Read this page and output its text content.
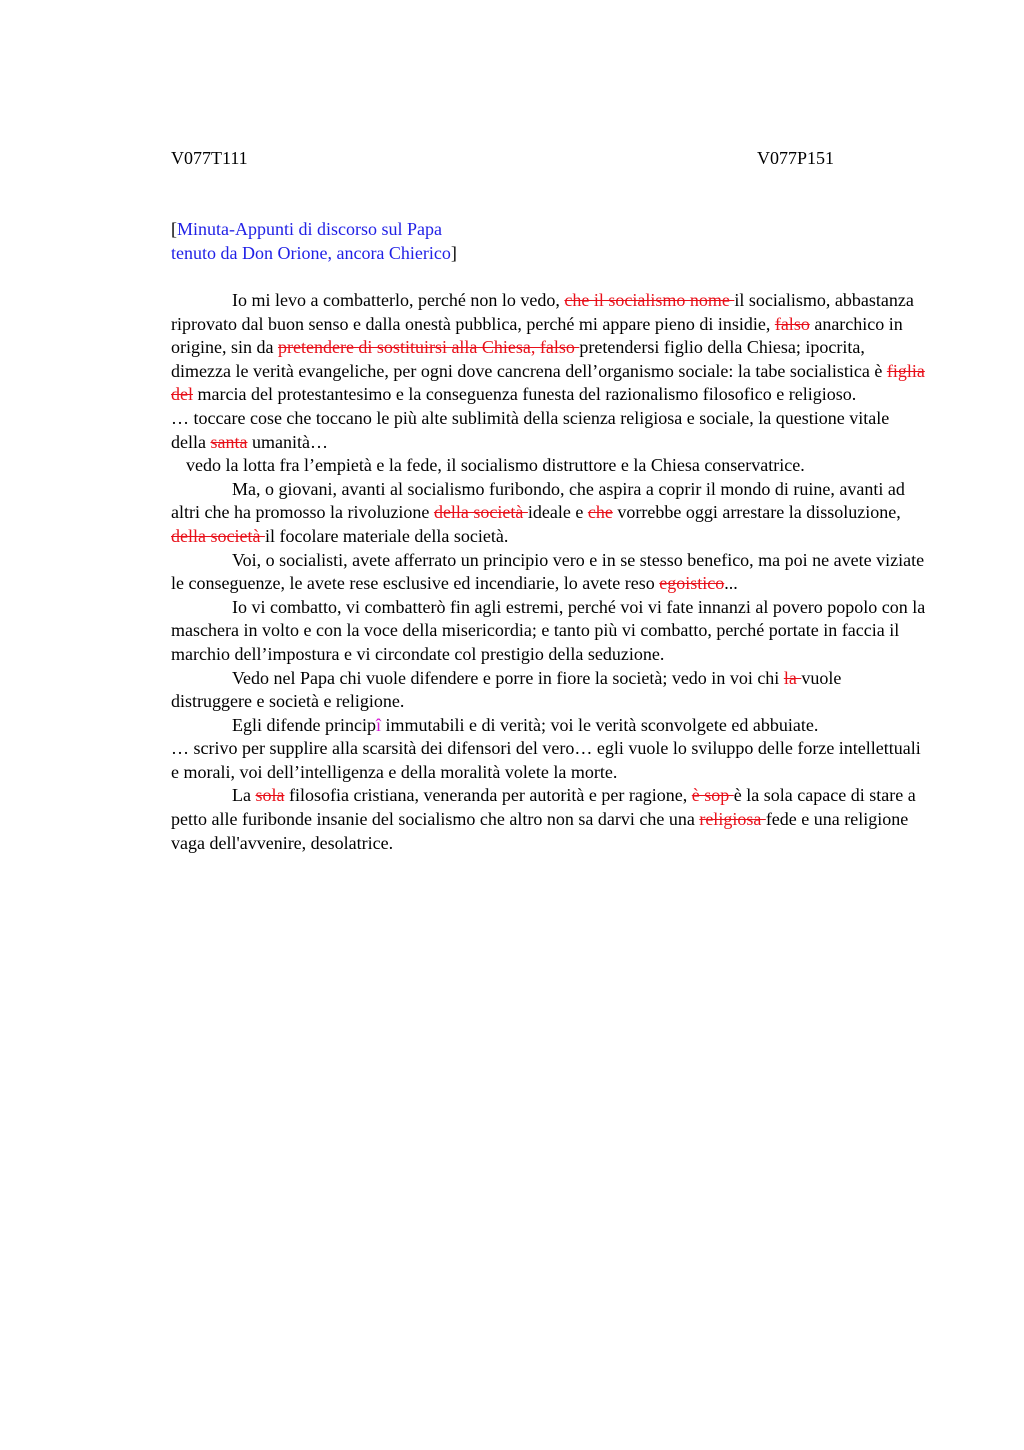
V077T111	V077P151
[Minuta-Appunti di discorso sul Papa
tenuto da Don Orione, ancora Chierico]

Io mi levo a combatterlo, perché non lo vedo, che il socialismo nome il socialismo, abbastanza riprovato dal buon senso e dalla onestà pubblica, perché mi appare pieno di insidie, falso anarchico in origine, sin da pretendere di sostituirsi alla Chiesa, falso pretendersi figlio della Chiesa; ipocrita, dimezza le verità evangeliche, per ogni dove cancrena dell’organismo sociale: la tabe socialistica è figlia del marcia del protestantesimo e la conseguenza funesta del razionalismo filosofico e religioso.

… toccare cose che toccano le più alte sublimità della scienza religiosa e sociale, la questione vitale della santa umanità…

vedo la lotta fra l’empietà e la fede, il socialismo distruttore e la Chiesa conservatrice.

Ma, o giovani, avanti al socialismo furibondo, che aspira a coprir il mondo di ruine, avanti ad altri che ha promosso la rivoluzione della società ideale e che vorrebbe oggi arrestare la dissoluzione, della società il focolare materiale della società.

Voi, o socialisti, avete afferrato un principio vero e in se stesso benefico, ma poi ne avete viziate le conseguenze, le avete rese esclusive ed incendiarie, lo avete reso egoistico...

Io vi combatto, vi combatterò fin agli estremi, perché voi vi fate innanzi al povero popolo con la maschera in volto e con la voce della misericordia; e tanto più vi combatto, perché portate in faccia il marchio dell’impostura e vi circondate col prestigio della seduzione.

Vedo nel Papa chi vuole difendere e porre in fiore la società; vedo in voi chi la vuole distruggere e società e religione.

Egli difende principî immutabili e di verità; voi le verità sconvolgete ed abbuiate.

… scrivo per supplire alla scarsità dei difensori del vero… egli vuole lo sviluppo delle forze intellettuali e morali, voi dell’intelligenza e della moralità volete la morte.

La sola filosofia cristiana, veneranda per autorità e per ragione, è sop è la sola capace di stare a petto alle furibonde insanie del socialismo che altro non sa darvi che una religiosa fede e una religione vaga dell'avvenire, desolatrice.
